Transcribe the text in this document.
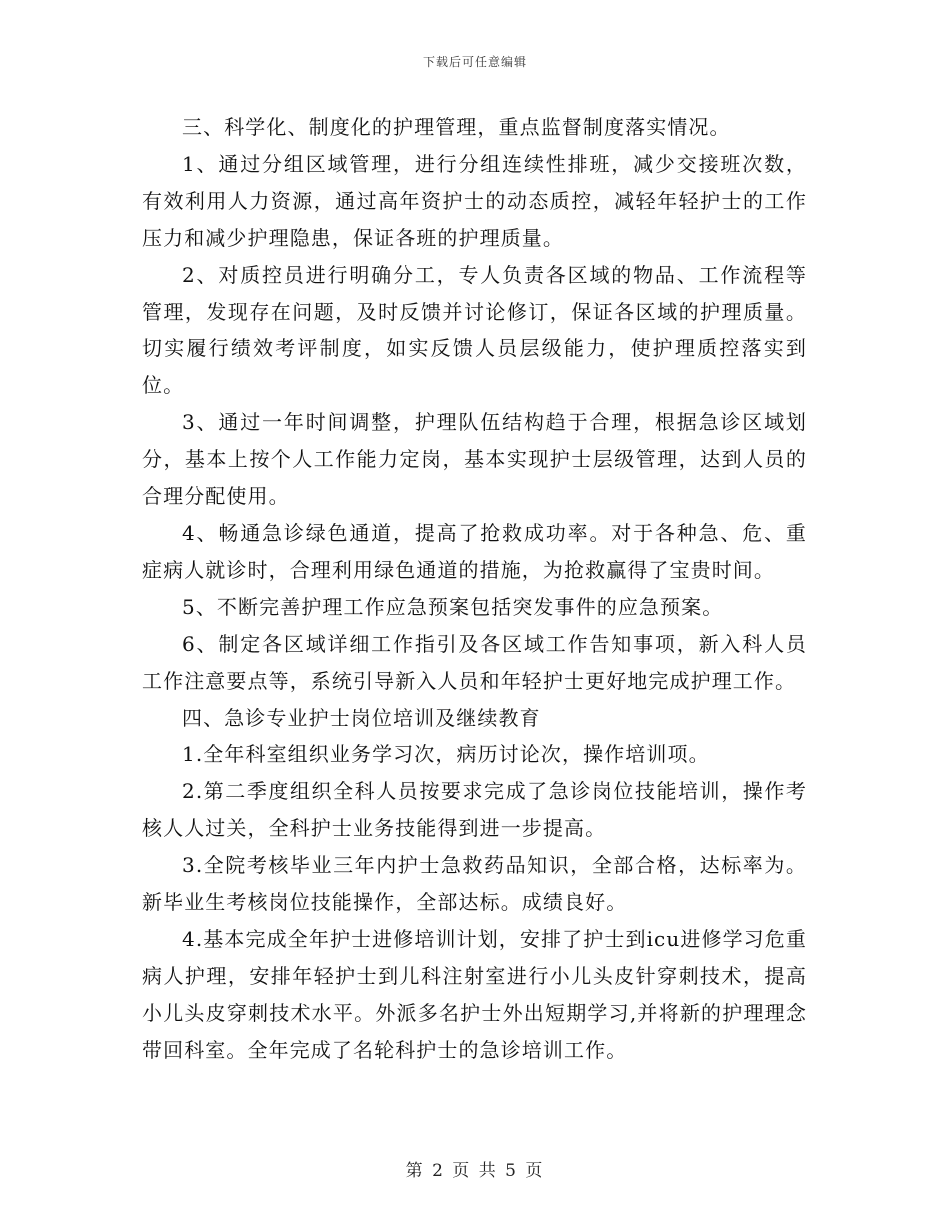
下载后可任意编辑

三、科学化、制度化的护理管理，重点监督制度落实情况。

1、通过分组区域管理，进行分组连续性排班，减少交接班次数，有效利用人力资源，通过高年资护士的动态质控，减轻年轻护士的工作压力和减少护理隐患，保证各班的护理质量。

2、对质控员进行明确分工，专人负责各区域的物品、工作流程等管理，发现存在问题，及时反馈并讨论修订，保证各区域的护理质量。切实履行绩效考评制度，如实反馈人员层级能力，使护理质控落实到位。

3、通过一年时间调整，护理队伍结构趋于合理，根据急诊区域划分，基本上按个人工作能力定岗，基本实现护士层级管理，达到人员的合理分配使用。

4、畅通急诊绿色通道，提高了抢救成功率。对于各种急、危、重症病人就诊时，合理利用绿色通道的措施，为抢救赢得了宝贵时间。

5、不断完善护理工作应急预案包括突发事件的应急预案。

6、制定各区域详细工作指引及各区域工作告知事项，新入科人员工作注意要点等，系统引导新入人员和年轻护士更好地完成护理工作。

四、急诊专业护士岗位培训及继续教育

1.全年科室组织业务学习次，病历讨论次，操作培训项。

2.第二季度组织全科人员按要求完成了急诊岗位技能培训，操作考核人人过关，全科护士业务技能得到进一步提高。

3.全院考核毕业三年内护士急救药品知识，全部合格，达标率为。新毕业生考核岗位技能操作，全部达标。成绩良好。

4.基本完成全年护士进修培训计划，安排了护士到icu进修学习危重病人护理，安排年轻护士到儿科注射室进行小儿头皮针穿刺技术，提高小儿头皮穿刺技术水平。外派多名护士外出短期学习,并将新的护理理念带回科室。全年完成了名轮科护士的急诊培训工作。

第 2 页 共 5 页
